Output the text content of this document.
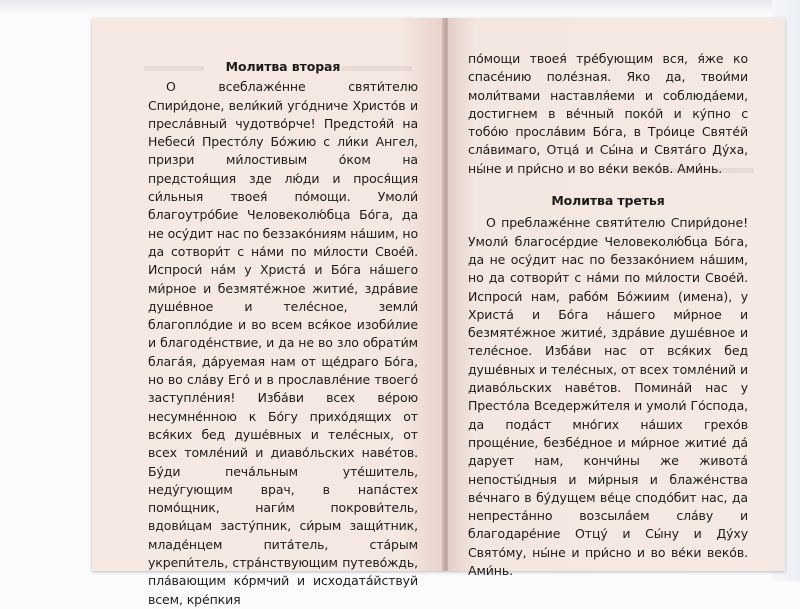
Молитва вторая
О всеблаже́нне святи́телю Спири́доне, вели́кий уго́дниче Христо́в и пресла́вный чудотво́рче! Предстоя́й на Небеси́ Престо́лу Бо́жию с ли́ки Ангел, призри ми́лостивым о́ком на предстоя́щия зде лю́ди и прося́щия си́льныя твоея́ по́мощи. Умоли́ благоутро́бие Человеколю́бца Бо́га, да не осу́дит нас по беззако́ниям на́шим, но да сотвори́т с на́ми по ми́лости Свое́й. Испроси́ на́м у Христа́ и Бо́га на́шего ми́рное и безмяте́жное житие́, здра́вие душе́вное и теле́сное, земли́ благопло́дие и во всем вся́кое изоби́лие и благоде́нствие, и да не во зло обрати́м блага́я, да́руемая нам от ще́драго Бо́га, но во сла́ву Его́ и в прославле́ние твоего́ заступле́ния! Изба́ви всех ве́рою несумне́нною к Бо́гу прихо́дящих от вся́ких бед душе́вных и теле́сных, от всех томле́ний и диаво́льских наве́тов. Бу́ди печа́льным уте́шитель, неду́гующим врач, в напа́стех помо́щник, наги́м покрови́тель, вдови́цам засту́пник, си́рым защи́тник, младе́нцем пита́тель, ста́рым укрепи́тель, стра́нствующим путево́ждь, пла́вающим ко́рмчий и исходата́йствуй всем, кре́пкия
по́мощи твоея́ тре́бующим вся, я́же ко спасе́нию поле́зная. Яко да, твои́ми моли́твами наставля́еми и соблюда́еми, достигнем в ве́чный поко́й и ку́пно с тобо́ю просла́вим Бо́га, в Тро́ице Святе́й сла́вимаго, Отца́ и Сы́на и Свята́го Ду́ха, ны́не и при́сно и во ве́ки веко́в. Ами́нь.
Молитва третья
О преблаже́нне святи́телю Спири́доне! Умоли́ благосе́рдие Человеколю́бца Бо́га, да не осу́дит нас по беззако́нием на́шим, но да сотвори́т с на́ми по ми́лости Свое́й. Испроси́ нам, рабо́м Бо́жиим (имена), у Христа́ и Бо́га на́шего ми́рное и безмяте́жное житие́, здра́вие душе́вное и теле́сное. Изба́ви нас от вся́ких бед душе́вных и теле́сных, от всех томле́ний и диаво́льских наве́тов. Помина́й нас у Престо́ла Вседержи́теля и умоли́ Го́спода, да пода́ст мно́гих на́ших грехо́в проще́ние, безбе́дное и ми́рное житие́ да́ дарует нам, кончи́ны же живота́ непосты́дныя и ми́рныя и блаже́нства ве́чнаго в бу́дущем ве́це сподо́бит нас, да непреста́нно возсыла́ем сла́ву и благодаре́ние Отцу́ и Сы́ну и Ду́ху Свято́му, ны́не и при́сно и во ве́ки веко́в. Ами́нь.
